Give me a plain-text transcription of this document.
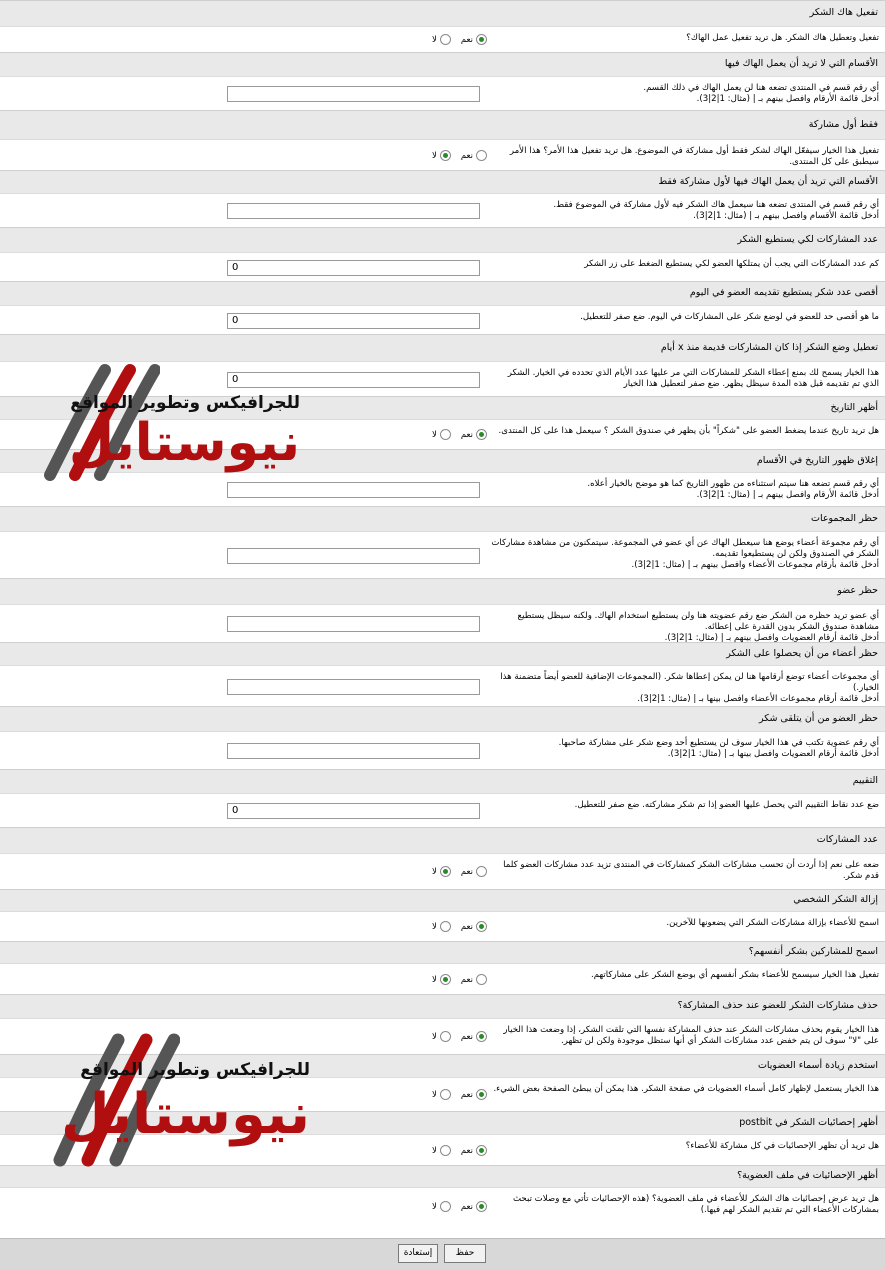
تفعيل هاك الشكر
تفعيل وتعطيل هاك الشكر. هل تريد تفعيل عمل الهاك؟
نعم
لا
الأقسام التي لا تريد أن يعمل الهاك فيها
أي رقم قسم في المنتدى تضعه هنا لن يعمل الهاك في ذلك القسم.
أدخل قائمة الأرقام وافصل بينهم بـ | (مثال: 1|2|3).
فقط أول مشاركة
تفعيل هذا الخيار سيفعّل الهاك لشكر فقط أول مشاركة في الموضوع. هل تريد تفعيل هذا الأمر؟ هذا الأمر سيطبق على كل المنتدى.
نعم
لا
الأقسام التي تريد أن يعمل الهاك فيها لأول مشاركة فقط
أي رقم قسم في المنتدى تضعه هنا سيعمل هاك الشكر فيه لأول مشاركة في الموضوع فقط.
أدخل قائمة الأقسام وافصل بينهم بـ | (مثال: 1|2|3).
عدد المشاركات لكي يستطيع الشكر
كم عدد المشاركات التي يجب أن يمتلكها العضو لكي يستطيع الضغط على زر الشكر
0
أقصى عدد شكر يستطيع تقديمه العضو في اليوم
ما هو أقصى حد للعضو في لوضع شكر على المشاركات في اليوم. ضع صفر للتعطيل.
0
تعطيل وضع الشكر إذا كان المشاركات قديمة منذ x أيام
هذا الخيار يسمح لك بمنع إعطاء الشكر للمشاركات التي مر عليها عدد الأيام الذي تحدده في الخيار. الشكر الذي تم تقديمه قبل هذه المدة سيظل يظهر. ضع صفر لتعطيل هذا الخيار
0
أظهر التاريخ
هل تريد تاريخ عندما يضغط العضو على "شكراً" بأن يظهر في صندوق الشكر ؟ سيعمل هذا على كل المنتدى.
نعم
لا
إغلاق ظهور التاريخ في الأقسام
أي رقم قسم تضعه هنا سيتم استثناءه من ظهور التاريخ كما هو موضح بالخيار أعلاه.
أدخل قائمة الأرقام وافصل بينهم بـ | (مثال: 1|2|3).
حظر المجموعات
أي رقم مجموعة أعضاء يوضع هنا سيعطل الهاك عن أي عضو في المجموعة. سيتمكنون من مشاهدة مشاركات الشكر في الصندوق ولكن لن يستطيعوا تقديمه.
أدخل قائمة بأرقام مجموعات الأعضاء وافصل بينهم بـ | (مثال: 1|2|3).
حظر عضو
أي عضو تريد حظره من الشكر ضع رقم عضويته هنا ولن يستطيع استخدام الهاك. ولكنه سيظل يستطيع مشاهدة صندوق الشكر بدون القدرة على إعطائه.
أدخل قائمة أرقام العضويات وافصل بينهم بـ | (مثال: 1|2|3).
حظر أعضاء من أن يحصلوا على الشكر
أي مجموعات أعضاء توضع أرقامها هنا لن يمكن إعطاها شكر. (المجموعات الإضافية للعضو أيضاً متضمنة هذا الخيار.)
أدخل قائمة أرقام مجموعات الأعضاء وافصل بينها بـ | (مثال: 1|2|3).
حظر العضو من أن يتلقى شكر
أي رقم عضوية تكتب في هذا الخيار سوف لن يستطيع أحد وضع شكر على مشاركة صاحبها.
أدخل قائمة أرقام العضويات وافصل بينها بـ | (مثال: 1|2|3).
التقييم
ضع عدد نقاط التقييم التي يحصل عليها العضو إذا تم شكر مشاركته. ضع صفر للتعطيل.
0
عدد المشاركات
ضعه على نعم إذا أردت أن تحسب مشاركات الشكر كمشاركات في المنتدى تزيد عدد مشاركات العضو كلما قدم شكر.
نعم
لا
إزالة الشكر الشخصي
اسمح للأعضاء بإزالة مشاركات الشكر التي يضعونها للآخرين.
نعم
لا
اسمح للمشاركين بشكر أنفسهم؟
تفعيل هذا الخيار سيسمح للأعضاء بشكر أنفسهم أي بوضع الشكر على مشاركاتهم.
نعم
لا
حذف مشاركات الشكر للعضو عند حذف المشاركة؟
هذا الخيار يقوم بحذف مشاركات الشكر عند حذف المشاركة نفسها التي تلقت الشكر، إذا وضعت هذا الخيار على "لا" سوف لن يتم خفض عدد مشاركات الشكر أي أنها ستظل موجودة ولكن لن تظهر.
نعم
لا
استخدم زيادة أسماء العضويات
هذا الخيار يستعمل لإظهار كامل أسماء العضويات في صفحة الشكر. هذا يمكن أن يبطئ الصفحة بعض الشيء.
نعم
لا
أظهر إحصائيات الشكر في postbit
هل تريد أن تظهر الإحصائيات في كل مشاركة للأعضاء؟
نعم
لا
أظهر الإحصائيات في ملف العضوية؟
هل تريد عرض إحصائيات هاك الشكر للأعضاء في ملف العضوية؟ (هذه الإحصائيات تأتي مع وصلات تبحث بمشاركات الأعضاء التي تم تقديم الشكر لهم فيها.)
نعم
لا
للجرافيكس وتطوير المواقع
نيوستايل
للجرافيكس وتطوير المواقع
نيوستايل
حفظ
إستعادة
